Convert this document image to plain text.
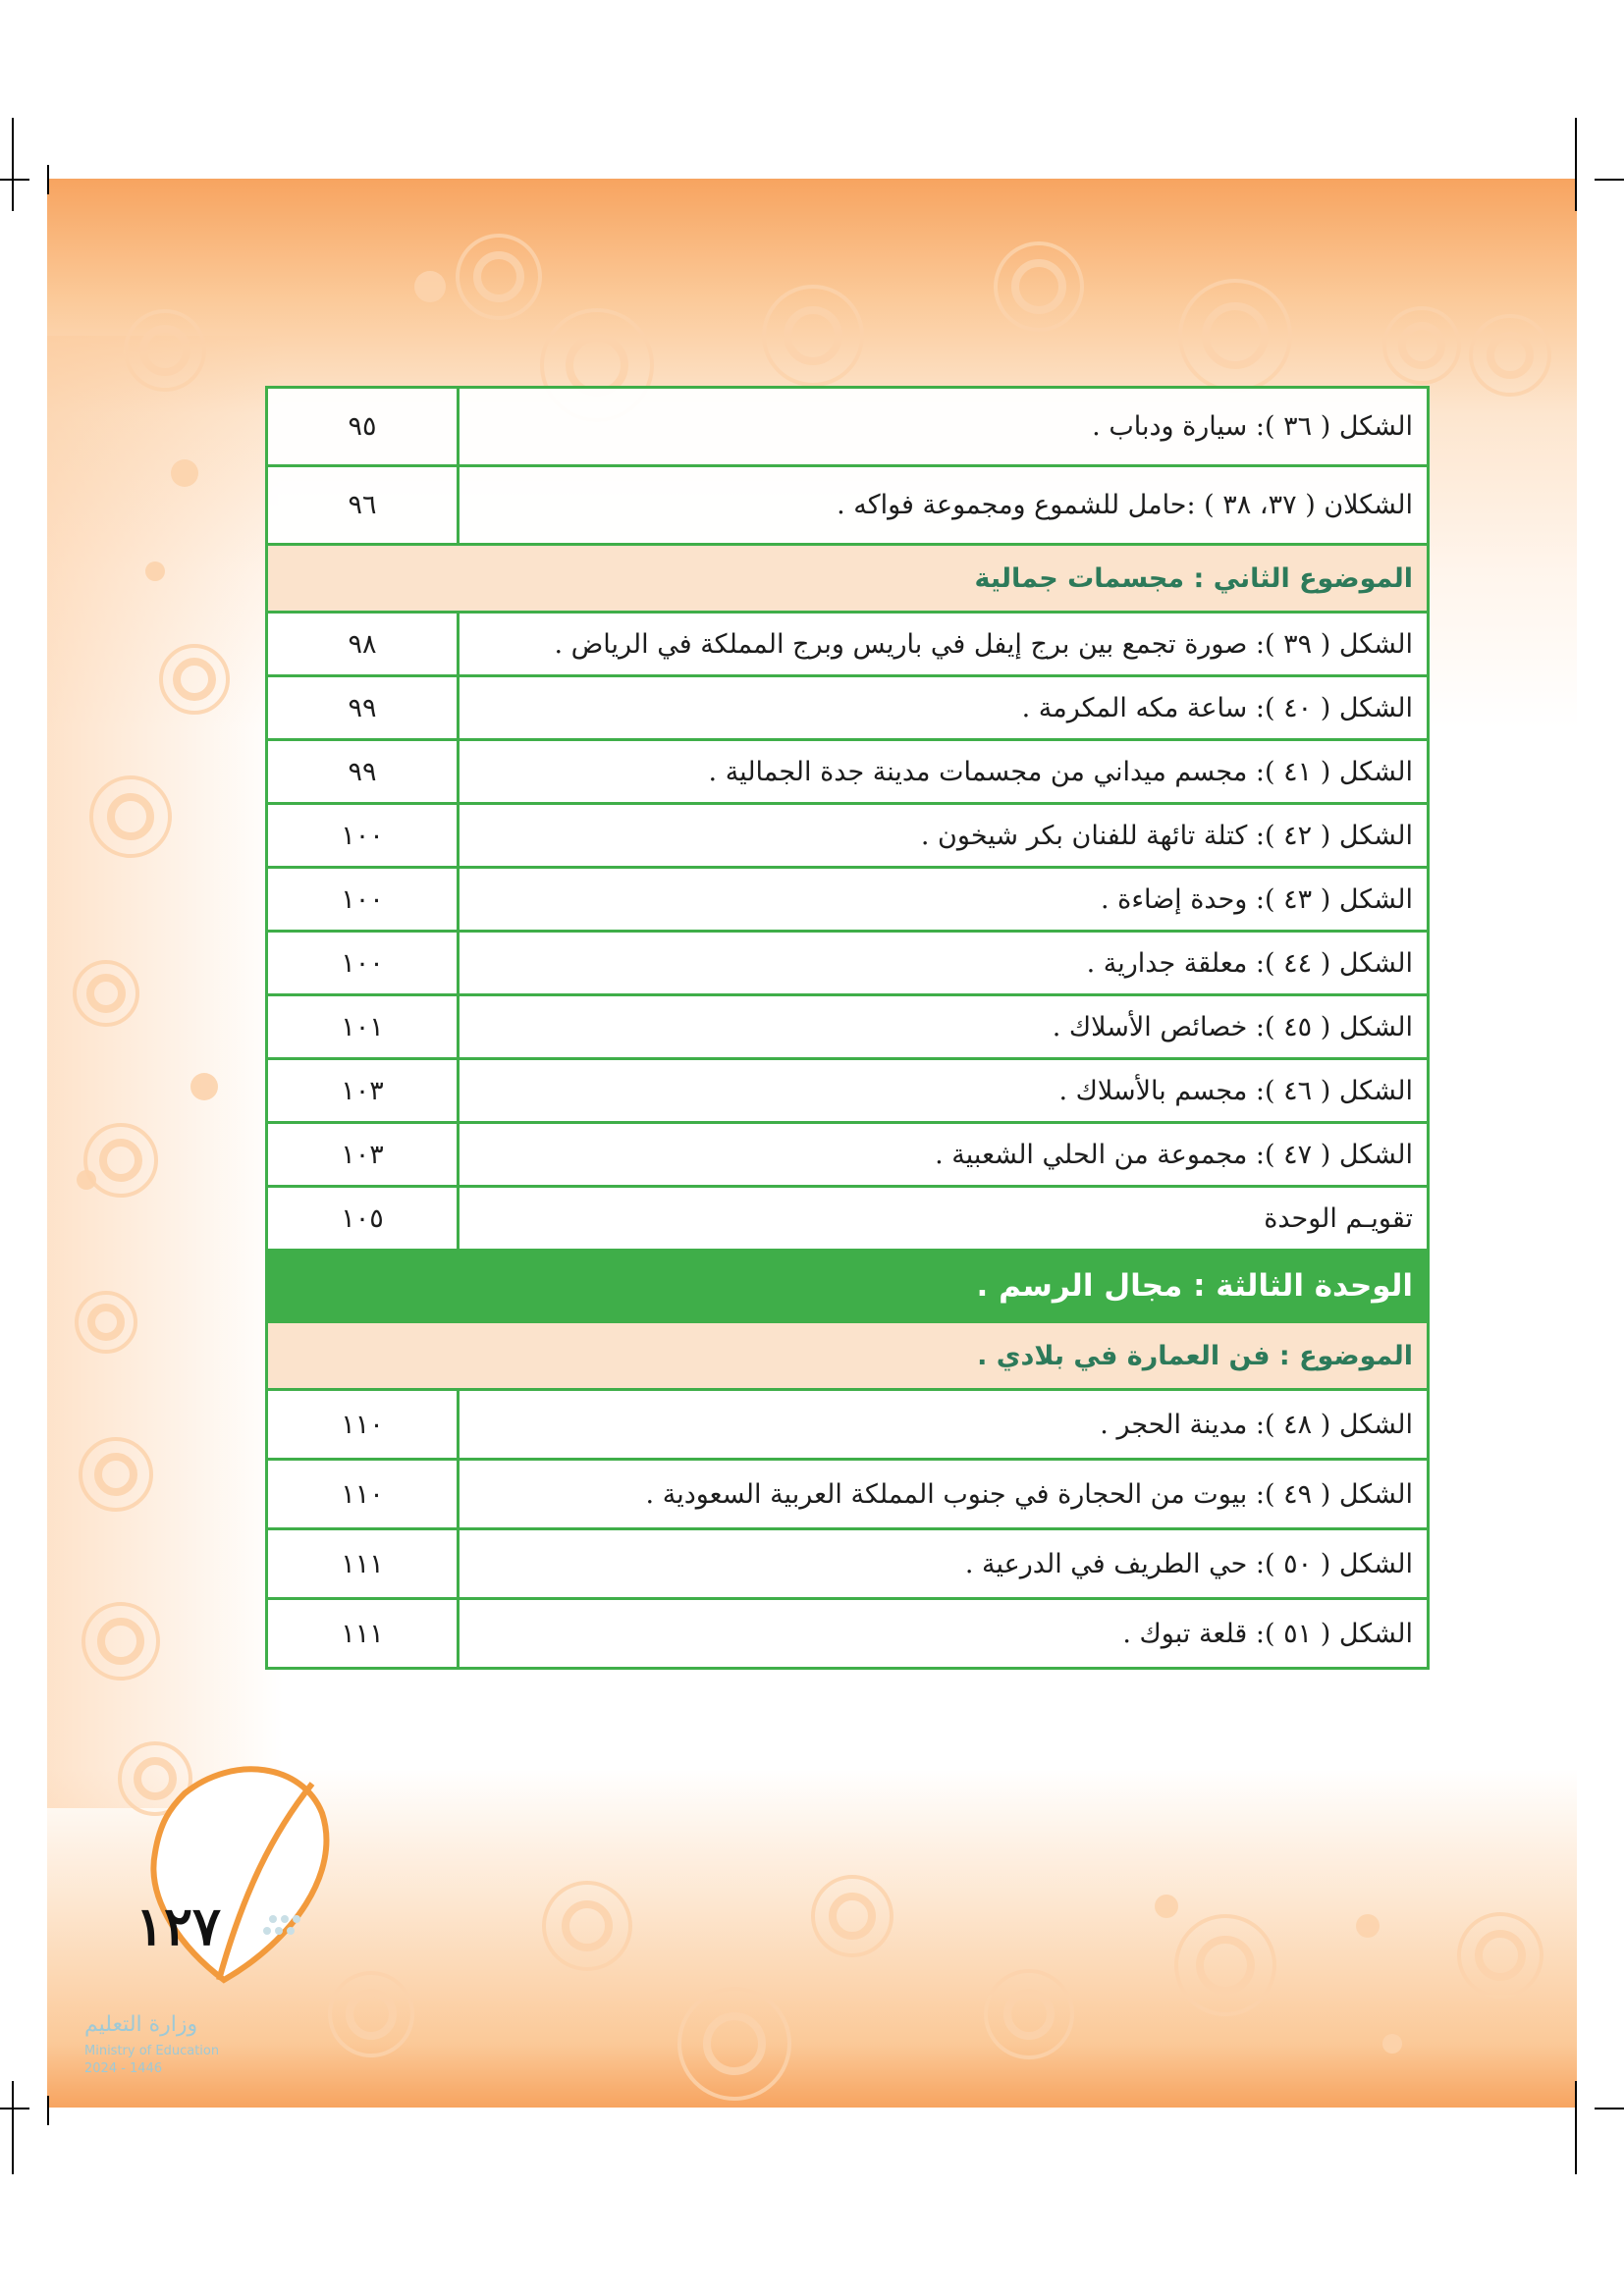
الشكل ( ٣٦ ): سيارة ودباب .	٩٥
الشكلان ( ٣٧، ٣٨ ) :حامل للشموع ومجموعة فواكه .	٩٦
الموضوع الثاني : مجسمات جمالية	
الشكل ( ٣٩ ): صورة تجمع بين برج إيفل في باريس وبرج المملكة في الرياض .	٩٨
الشكل ( ٤٠ ): ساعة مكه المكرمة .	٩٩
الشكل ( ٤١ ): مجسم ميداني من مجسمات مدينة جدة الجمالية .	٩٩
الشكل ( ٤٢ ): كتلة تائهة للفنان بكر شيخون .	١٠٠
الشكل ( ٤٣ ): وحدة إضاءة .	١٠٠
الشكل ( ٤٤ ): معلقة جدارية .	١٠٠
الشكل ( ٤٥ ): خصائص الأسلاك .	١٠١
الشكل ( ٤٦ ): مجسم بالأسلاك .	١٠٣
الشكل ( ٤٧ ): مجموعة من الحلي الشعبية .	١٠٣
تقويـم الوحدة	١٠٥
الوحدة الثالثة : مجال الرسم .	
الموضوع : فن العمارة في بلادي .	
الشكل ( ٤٨ ): مدينة الحجر .	١١٠
الشكل ( ٤٩ ): بيوت من الحجارة في جنوب المملكة العربية السعودية .	١١٠
الشكل ( ٥٠ ): حي الطريف في الدرعية .	١١١
الشكل ( ٥١ ): قلعة تبوك .	١١١
١٢٧
وزارة التعليم
Ministry of Education
2024 - 1446
